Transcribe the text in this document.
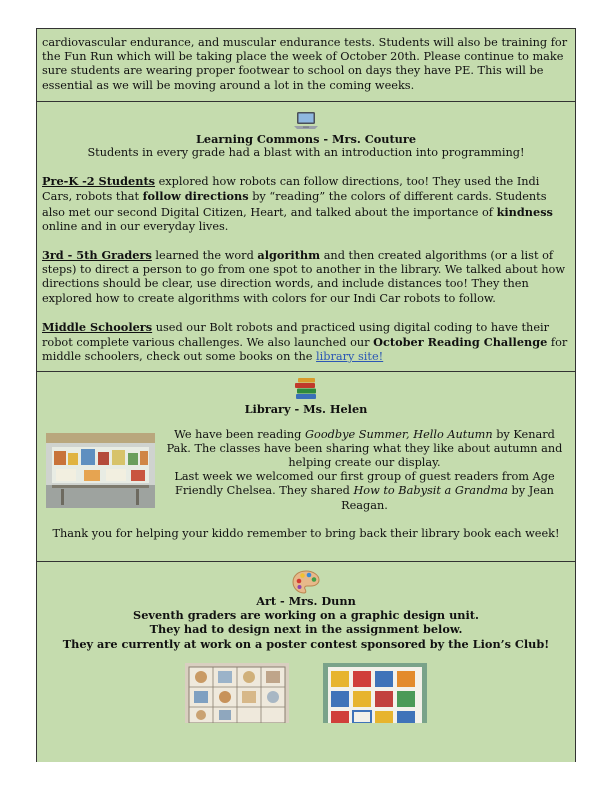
cardiovascular endurance, and muscular endurance tests. Students will also be training for the Fun Run which will be taking place the week of October 20th. Please continue to make sure students are wearing proper footwear to school on days they have PE. This will be essential as we will be moving around a lot in the coming weeks.

Learning Commons - Mrs. Couture

Students in every grade had a blast with an introduction into programming!

Pre-K -2 Students explored how robots can follow directions, too! They used the Indi Cars, robots that follow directions by “reading” the colors of different cards. Students also met our second Digital Citizen, Heart, and talked about the importance of kindness online and in our everyday lives.

3rd - 5th Graders learned the word algorithm and then created algorithms (or a list of steps) to direct a person to go from one spot to another in the library. We talked about how directions should be clear, use direction words, and include distances too! They then explored how to create algorithms with colors for our Indi Car robots to follow.

Middle Schoolers used our Bolt robots and practiced using digital coding to have their robot complete various challenges. We also launched our October Reading Challenge for middle schoolers, check out some books on the library site!

Library - Ms. Helen

We have been reading Goodbye Summer, Hello Autumn by Kenard Pak. The classes have been sharing what they like about autumn and helping create our display.

Last week we welcomed our first group of guest readers from Age Friendly Chelsea. They shared How to Babysit a Grandma by Jean Reagan.

Thank you for helping your kiddo remember to bring back their library book each week!

Art - Mrs. Dunn
Seventh graders are working on a graphic design unit.
They had to design next in the assignment below.
They are currently at work on a poster contest sponsored by the Lion’s Club!
